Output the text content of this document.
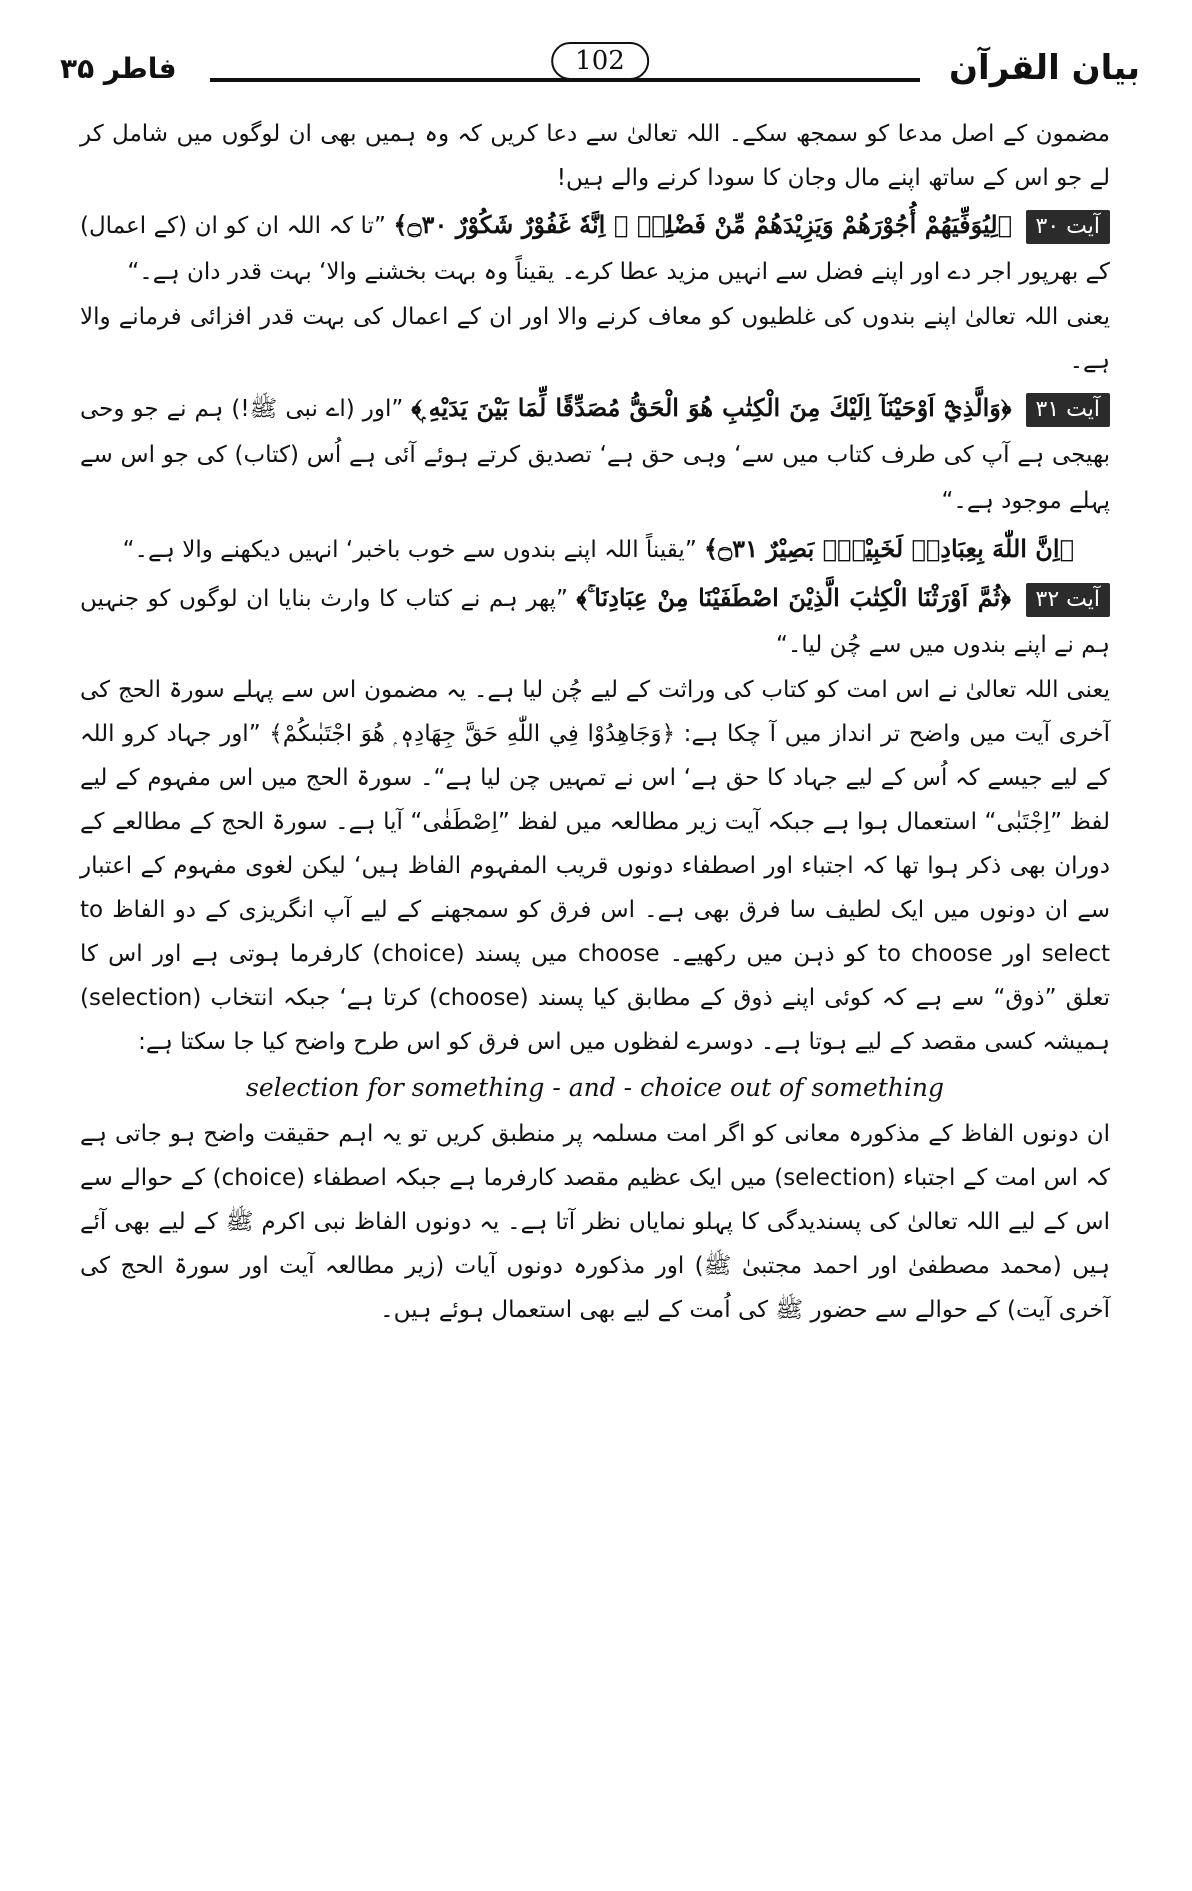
بیان القرآن
102
فاطر ۳۵

مضمون کے اصل مدعا کو سمجھ سکے۔ اللہ تعالیٰ سے دعا کریں کہ وہ ہمیں بھی ان لوگوں میں شامل کر لے جو اس کے ساتھ اپنے مال وجان کا سودا کرنے والے ہیں!

آیت ۳۰ ﴿لِيُوَفِّيَهُمْ أُجُوْرَهُمْ وَيَزِيْدَهُمْ مِّنْ فَضْلِهٖ ۭ اِنَّهٗ غَفُوْرٌ شَكُوْرٌ ۝۳۰﴾ ”تا کہ اللہ ان کو ان (کے اعمال) کے بھرپور اجر دے اور اپنے فضل سے انہیں مزید عطا کرے۔ یقیناً وہ بہت بخشنے والا‘ بہت قدر دان ہے۔“

یعنی اللہ تعالیٰ اپنے بندوں کی غلطیوں کو معاف کرنے والا اور ان کے اعمال کی بہت قدر افزائی فرمانے والا ہے۔

آیت ۳۱ ﴿وَالَّذِيْٓ اَوْحَيْنَآ اِلَيْكَ مِنَ الْكِتٰبِ هُوَ الْحَقُّ مُصَدِّقًا لِّمَا بَيْنَ يَدَيْهِ ۭ﴾ ”اور (اے نبی ﷺ!) ہم نے جو وحی بھیجی ہے آپ کی طرف کتاب میں سے‘ وہی حق ہے‘ تصدیق کرتے ہوئے آئی ہے اُس (کتاب) کی جو اس سے پہلے موجود ہے۔“

﴿اِنَّ اللّٰهَ بِعِبَادِهٖ لَخَبِيْرٌۢ بَصِيْرٌ ۝۳۱﴾ ”یقیناً اللہ اپنے بندوں سے خوب باخبر‘ انہیں دیکھنے والا ہے۔“

آیت ۳۲ ﴿ثُمَّ اَوْرَثْنَا الْكِتٰبَ الَّذِيْنَ اصْطَفَيْنَا مِنْ عِبَادِنَا ۚ﴾ ”پھر ہم نے کتاب کا وارث بنایا ان لوگوں کو جنہیں ہم نے اپنے بندوں میں سے چُن لیا۔“

یعنی اللہ تعالیٰ نے اس امت کو کتاب کی وراثت کے لیے چُن لیا ہے۔ یہ مضمون اس سے پہلے سورۃ الحج کی آخری آیت میں واضح تر انداز میں آ چکا ہے: ﴿وَجَاهِدُوْا فِي اللّٰهِ حَقَّ جِهَادِهٖ ۭ هُوَ اجْتَبٰىكُمْ﴾ ”اور جہاد کرو اللہ کے لیے جیسے کہ اُس کے لیے جہاد کا حق ہے‘ اس نے تمہیں چن لیا ہے“۔ سورۃ الحج میں اس مفہوم کے لیے لفظ ”اِجْتَبٰی“ استعمال ہوا ہے جبکہ آیت زیر مطالعہ میں لفظ ”اِصْطَفٰی“ آیا ہے۔ سورۃ الحج کے مطالعے کے دوران بھی ذکر ہوا تھا کہ اجتباء اور اصطفاء دونوں قریب المفہوم الفاظ ہیں‘ لیکن لغوی مفہوم کے اعتبار سے ان دونوں میں ایک لطیف سا فرق بھی ہے۔ اس فرق کو سمجھنے کے لیے آپ انگریزی کے دو الفاظ to select اور to choose کو ذہن میں رکھیے۔ choose میں پسند (choice) کارفرما ہوتی ہے اور اس کا تعلق ”ذوق“ سے ہے کہ کوئی اپنے ذوق کے مطابق کیا پسند (choose) کرتا ہے‘ جبکہ انتخاب (selection) ہمیشہ کسی مقصد کے لیے ہوتا ہے۔ دوسرے لفظوں میں اس فرق کو اس طرح واضح کیا جا سکتا ہے:

selection for something - and - choice out of something

ان دونوں الفاظ کے مذکورہ معانی کو اگر امت مسلمہ پر منطبق کریں تو یہ اہم حقیقت واضح ہو جاتی ہے کہ اس امت کے اجتباء (selection) میں ایک عظیم مقصد کارفرما ہے جبکہ اصطفاء (choice) کے حوالے سے اس کے لیے اللہ تعالیٰ کی پسندیدگی کا پہلو نمایاں نظر آتا ہے۔ یہ دونوں الفاظ نبی اکرم ﷺ کے لیے بھی آئے ہیں (محمد مصطفیٰ اور احمد مجتبیٰ ﷺ) اور مذکورہ دونوں آیات (زیر مطالعہ آیت اور سورۃ الحج کی آخری آیت) کے حوالے سے حضور ﷺ کی اُمت کے لیے بھی استعمال ہوئے ہیں۔
